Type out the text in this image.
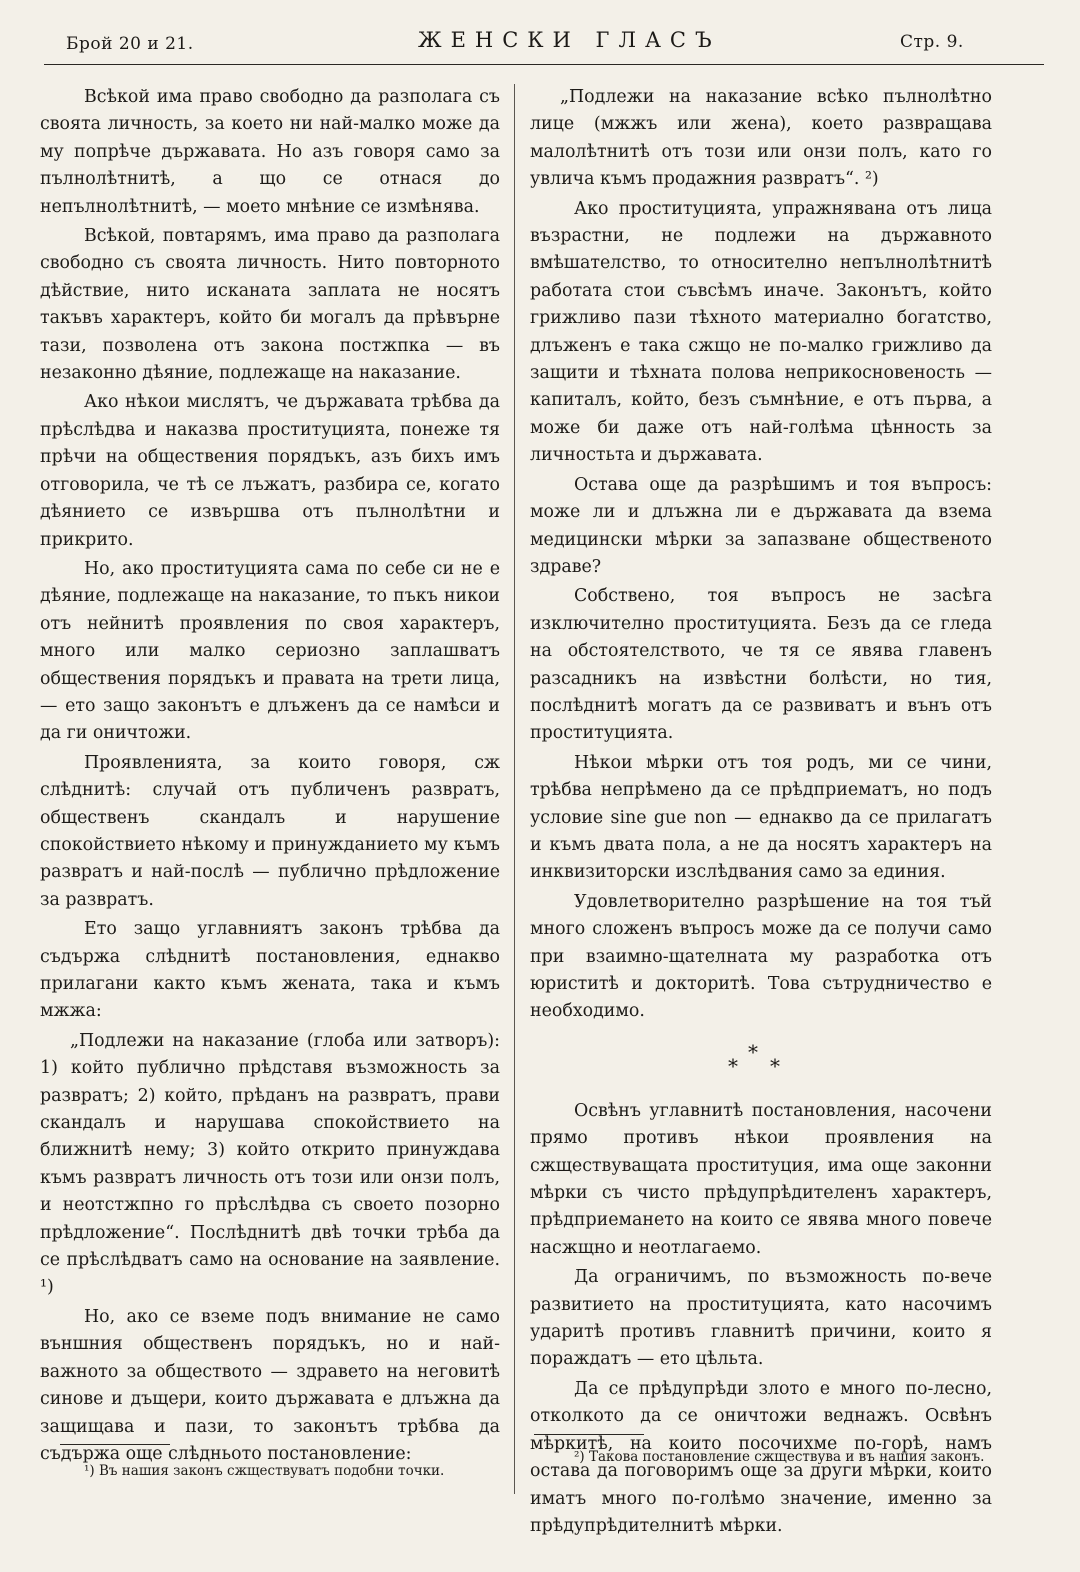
Брой 20 и 21.	ЖЕНСКИ ГЛАСЪ	Стр. 9.

Всѣкой има право свободно да разполага съ своята личность, за което ни най-малко може да му попрѣче държавата. Но азъ говоря само за пълнолѣтнитѣ, а що се отнася до непълнолѣтнитѣ, — моето мнѣние се измѣнява.

Всѣкой, повтарямъ, има право да разполага свободно съ своята личность. Нито повторното дѣйствие, нито исканата заплата не носятъ такъвъ характеръ, който би могалъ да прѣвърне тази, позволена отъ закона постжпка — въ незаконно дѣяние, подлежаще на наказание.

Ако нѣкои мислятъ, че държавата трѣбва да прѣслѣдва и наказва проституцията, понеже тя прѣчи на обществения порядъкъ, азъ бихъ имъ отговорила, че тѣ се лъжатъ, разбира се, когато дѣянието се извършва отъ пълнолѣтни и прикрито.

Но, ако проституцията сама по себе си не е дѣяние, подлежаще на наказание, то пъкъ никои отъ нейнитѣ проявления по своя характеръ, много или малко сериозно заплашватъ обществения порядъкъ и правата на трети лица, — ето защо законътъ е длъженъ да се намѣси и да ги оничтожи.

Проявленията, за които говоря, сж слѣднитѣ: случай отъ публиченъ развратъ, общественъ скандалъ и нарушение спокойствието нѣкому и принужданието му къмъ развратъ и най-послѣ — публично прѣдложение за развратъ.

Ето защо углавниятъ законъ трѣбва да съдържа слѣднитѣ постановления, еднакво прилагани както къмъ жената, така и къмъ мжжа:

„Подлежи на наказание (глоба или затворъ): 1) който публично прѣдставя възможность за развратъ; 2) който, прѣданъ на развратъ, прави скандалъ и нарушава спокойствието на ближнитѣ нему; 3) който открито принуждава къмъ развратъ личность отъ този или онзи полъ, и неотстжпно го прѣслѣдва съ своето позорно прѣдложение“. Послѣднитѣ двѣ точки трѣба да се прѣслѣдватъ само на основание на заявление. ¹)

Но, ако се вземе подъ внимание не само външния общественъ порядъкъ, но и най-важното за обществото — здравето на неговитѣ синове и дъщери, които държавата е длъжна да защищава и пази, то законътъ трѣбва да съдържа още слѣдньото постановление:

„Подлежи на наказание всѣко пълнолѣтно лице (мжжъ или жена), което развращава малолѣтнитѣ отъ този или онзи полъ, като го увлича къмъ продажния развратъ“. ²)

Ако проституцията, упражнявана отъ лица възрастни, не подлежи на държавното вмѣшателство, то относително непълнолѣтнитѣ работата стои съвсѣмъ иначе. Законътъ, който грижливо пази тѣхното материално богатство, длъженъ е така сжщо не по-малко грижливо да защити и тѣхната полова неприкосновеность — капиталъ, който, безъ съмнѣние, е отъ първа, а може би даже отъ най-голѣма цѣнность за личностьта и държавата.

Остава още да разрѣшимъ и тоя въпросъ: може ли и длъжна ли е държавата да взема медицински мѣрки за запазване общественото здраве?

Собствено, тоя въпросъ не засѣга изключително проституцията. Безъ да се гледа на обстоятелството, че тя се явява главенъ разсадникъ на извѣстни болѣсти, но тия, послѣднитѣ могатъ да се развиватъ и вънъ отъ проституцията.

Нѣкои мѣрки отъ тоя родъ, ми се чини, трѣбва непрѣмено да се прѣдприематъ, но подъ условие sine gue non — еднакво да се прилагатъ и къмъ двата пола, а не да носятъ характеръ на инквизиторски изслѣдвания само за единия.

Удовлетворително разрѣшение на тоя тъй много сложенъ въпросъ може да се получи само при взаимно-щателната му разработка отъ юриститѣ и докторитѣ. Това сътрудничество е необходимо.

*
* *

Освѣнъ углавнитѣ постановления, насочени прямо противъ нѣкои проявления на сжществуващата проституция, има още законни мѣрки съ чисто прѣдупрѣдителенъ характеръ, прѣдприемането на които се явява много повече насжщно и неотлагаемо.

Да ограничимъ, по възможность по-вече развитието на проституцията, като насочимъ ударитѣ противъ главнитѣ причини, които я пораждатъ — ето цѣльта.

Да се прѣдупрѣди злото е много по-лесно, отколкото да се оничтожи веднажъ. Освѣнъ мѣркитѣ, на които посочихме по-горѣ, намъ остава да поговоримъ още за други мѣрки, които иматъ много по-голѣмо значение, именно за прѣдупрѣдителнитѣ мѣрки.

¹) Въ нашия законъ сжществуватъ подобни точки.
²) Такова постановление сжществува и въ нашия законъ.
